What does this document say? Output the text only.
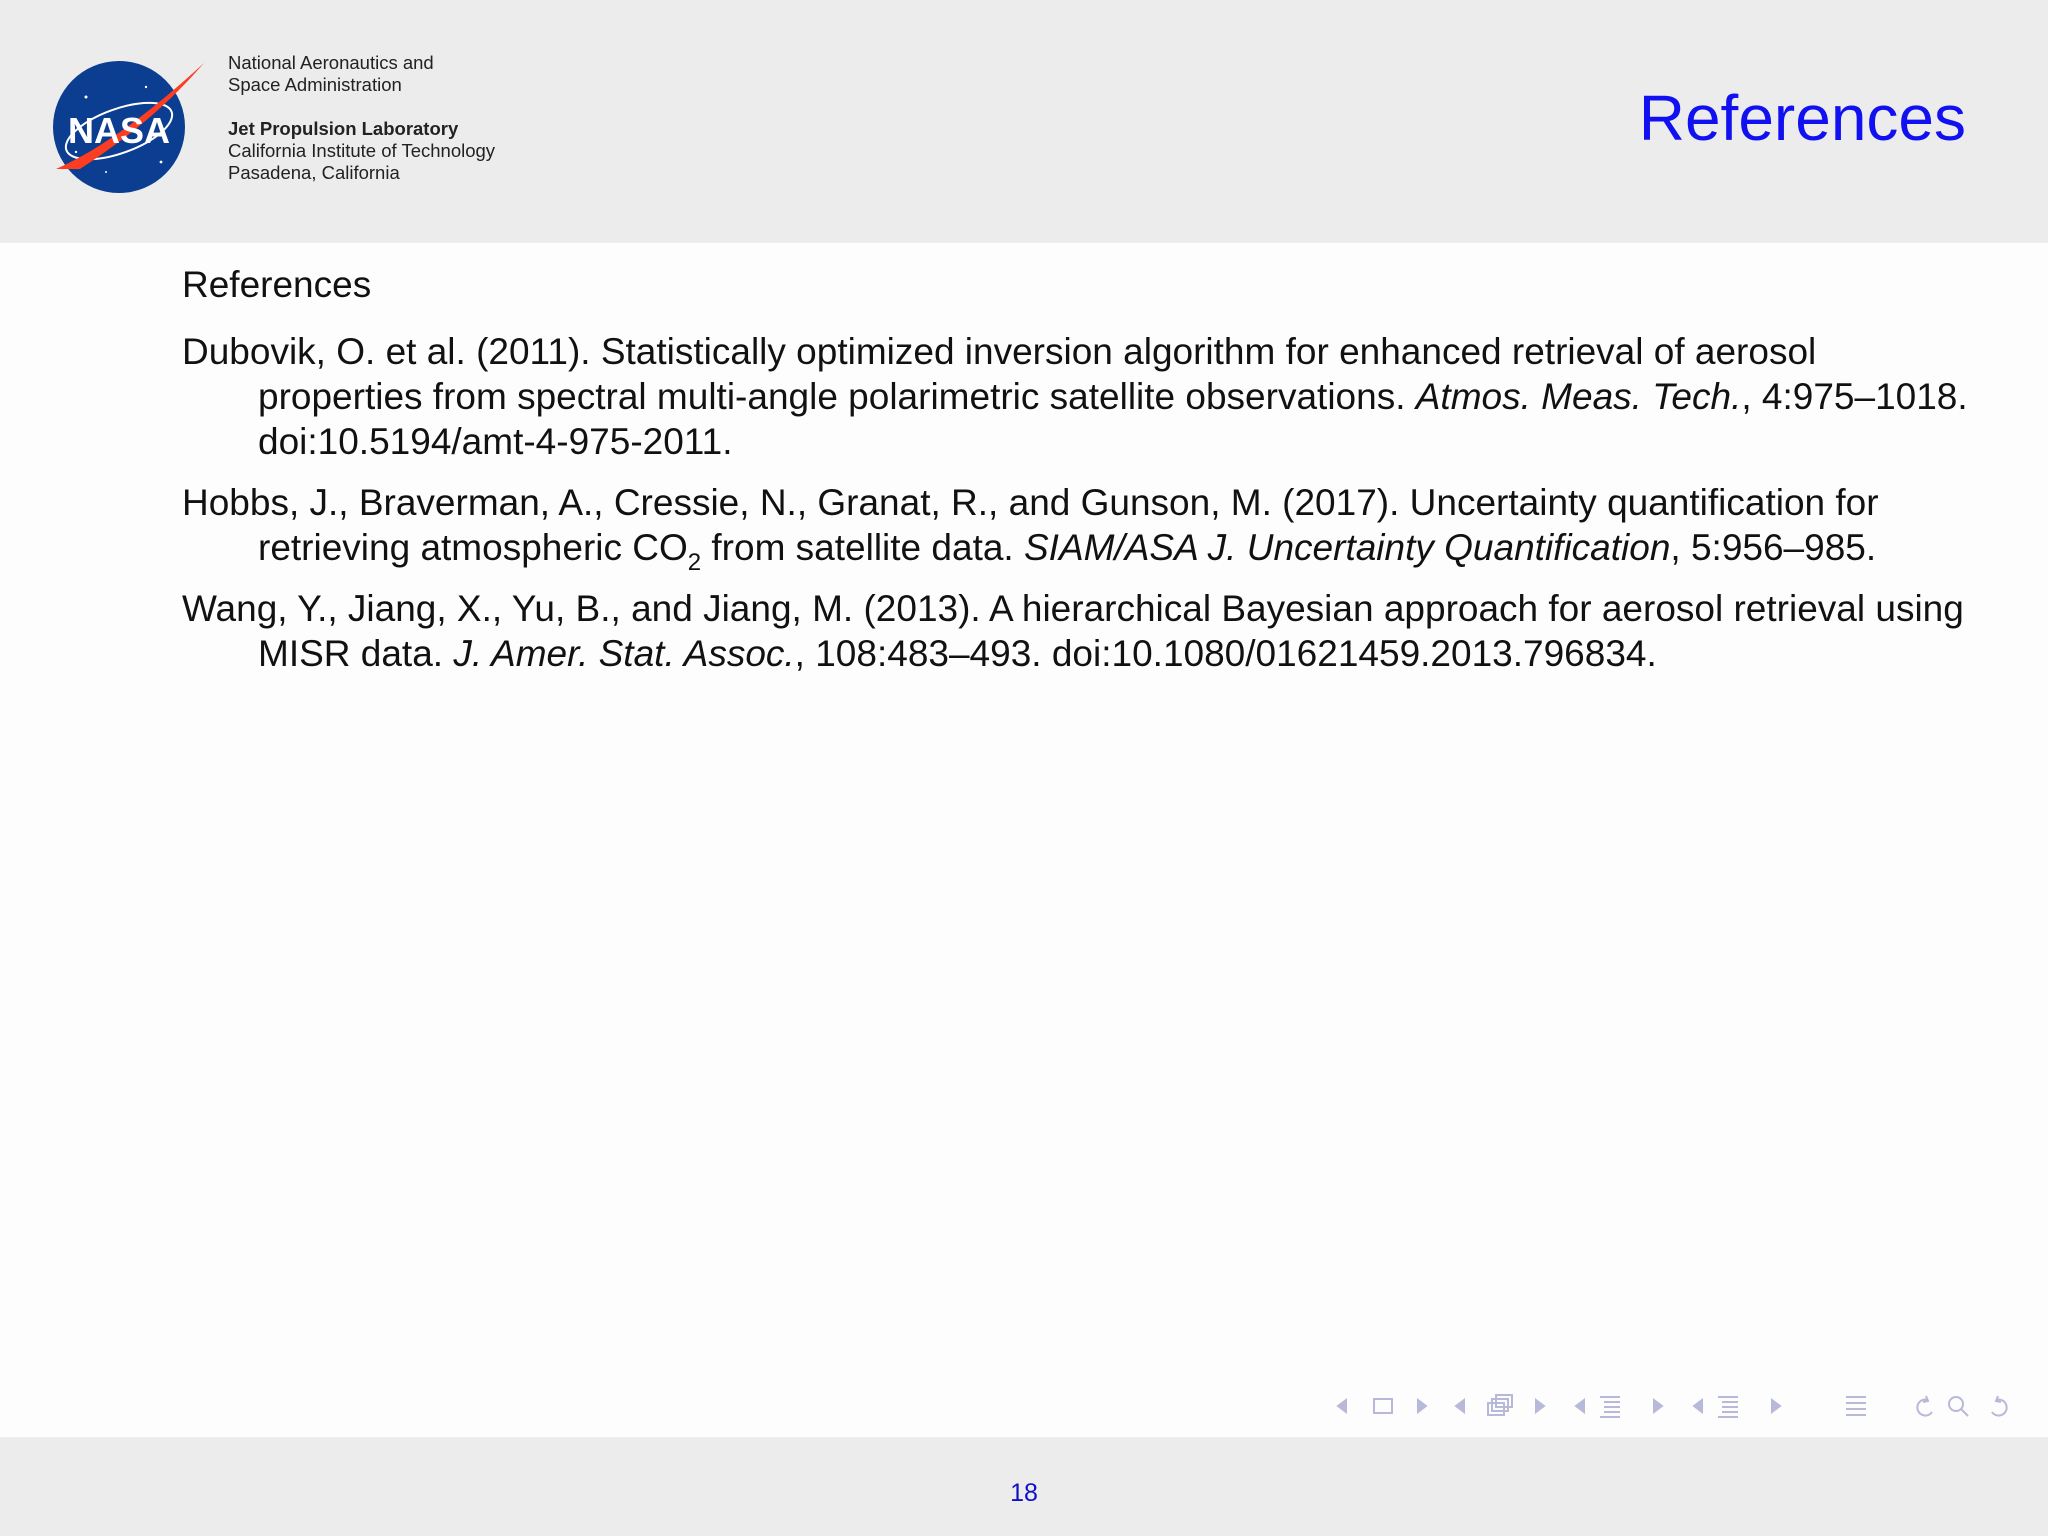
NASA
National Aeronautics and
Space Administration
Jet Propulsion Laboratory
California Institute of Technology
Pasadena, California
References
References
Dubovik, O. et al. (2011). Statistically optimized inversion algorithm for enhanced retrieval of aerosol properties from spectral multi-angle polarimetric satellite observations. Atmos. Meas. Tech., 4:975–1018. doi:10.5194/amt-4-975-2011.
Hobbs, J., Braverman, A., Cressie, N., Granat, R., and Gunson, M. (2017). Uncertainty quantification for retrieving atmospheric $CO_2$ from satellite data. SIAM/ASA J. Uncertainty Quantification, 5:956–985.
Wang, Y., Jiang, X., Yu, B., and Jiang, M. (2013). A hierarchical Bayesian approach for aerosol retrieval using MISR data. J. Amer. Stat. Assoc., 108:483–493. doi:10.1080/01621459.2013.796834.
18
